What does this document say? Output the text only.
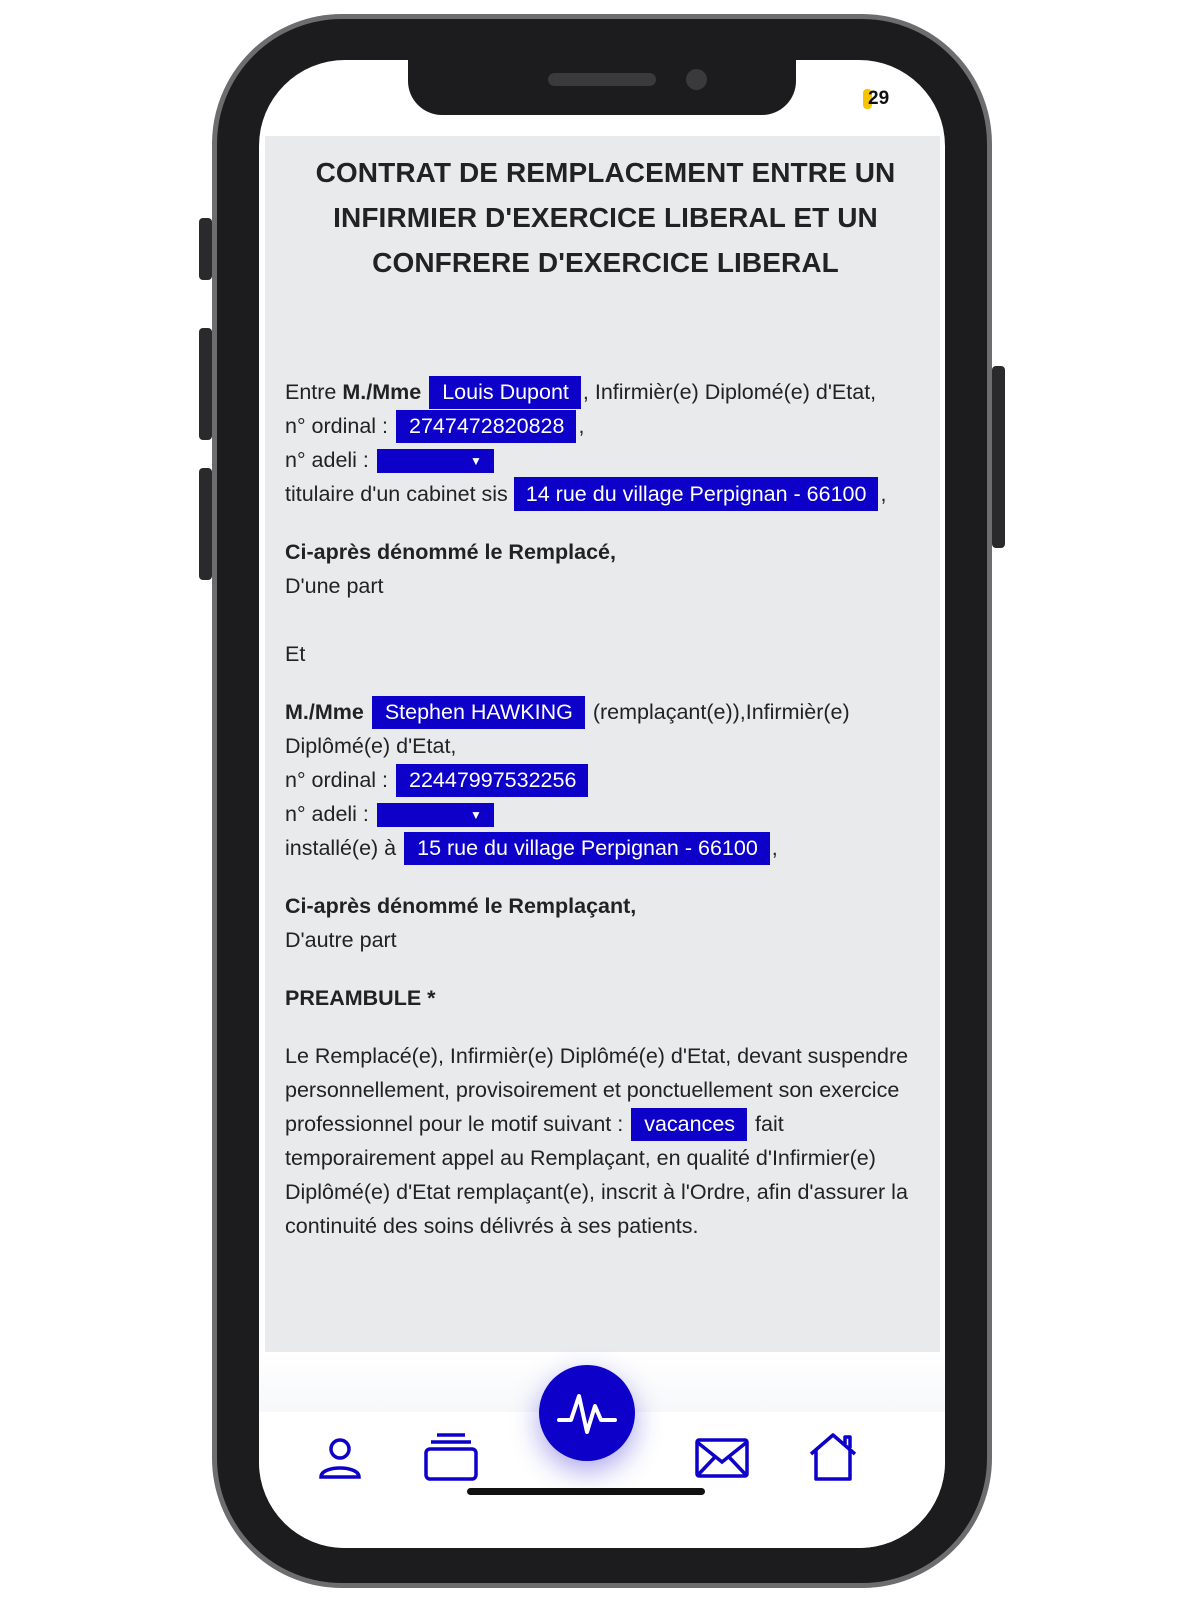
29
CONTRAT DE REMPLACEMENT ENTRE UN INFIRMIER D'EXERCICE LIBERAL ET UN CONFRERE D'EXERCICE LIBERAL

Entre M./Mme Louis Dupont , Infirmièr(e) Diplomé(e) d'Etat,
n° ordinal : 2747472820828 ,
n° adeli :	▼
titulaire d'un cabinet sis 14 rue du village Perpignan - 66100 ,

Ci-après dénommé le Remplacé,

D'une part

Et

M./Mme Stephen HAWKING (remplaçant(e)),Infirmièr(e) Diplômé(e) d'Etat,
n° ordinal : 22447997532256
n° adeli :	▼
installé(e) à 15 rue du village Perpignan - 66100 ,

Ci-après dénommé le Remplaçant,

D'autre part

PREAMBULE *

Le Remplacé(e), Infirmièr(e) Diplômé(e) d'Etat, devant suspendre personnellement, provisoirement et ponctuellement son exercice professionnel pour le motif suivant : vacances fait temporairement appel au Remplaçant, en qualité d'Infirmier(e) Diplômé(e) d'Etat remplaçant(e), inscrit à l'Ordre, afin d'assurer la continuité des soins délivrés à ses patients.
